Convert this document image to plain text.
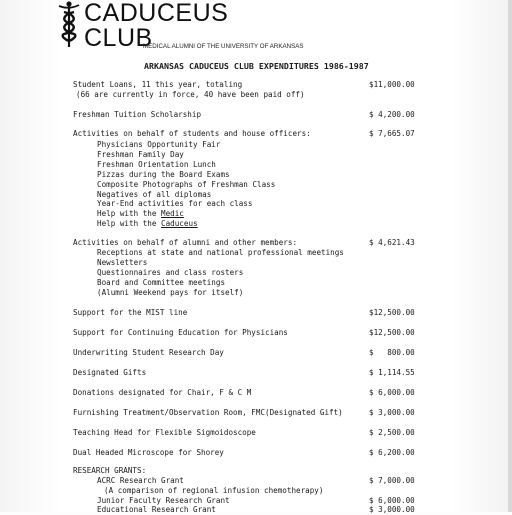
CADUCEUS
CLUB
MEDICAL ALUMNI OF THE UNIVERSITY OF ARKANSAS
ARKANSAS CADUCEUS CLUB EXPENDITURES 1986-1987
Student Loans, 11 this year, totaling	$11,000.00
(66 are currently in force, 40 have been paid off)
Freshman Tuition Scholarship	$ 4,200.00
Activities on behalf of students and house officers:	$ 7,665.07
Physicians Opportunity Fair
Freshman Family Day
Freshman Orientation Lunch
Pizzas during the Board Exams
Composite Photographs of Freshman Class
Negatives of all diplomas
Year-End activities for each class
Help with the Medic
Help with the Caduceus
Activities on behalf of alumni and other members:	$ 4,621.43
Receptions at state and national professional meetings
Newsletters
Questionnaires and class rosters
Board and Committee meetings
(Alumni Weekend pays for itself)
Support for the MIST line	$12,500.00
Support for Continuing Education for Physicians	$12,500.00
Underwriting Student Research Day	$   800.00
Designated Gifts	$ 1,114.55
Donations designated for Chair, F & C M	$ 6,000.00
Furnishing Treatment/Observation Room, FMC(Designated Gift)	$ 3,000.00
Teaching Head for Flexible Sigmoidoscope	$ 2,500.00
Dual Headed Microscope for Shorey	$ 6,200.00
RESEARCH GRANTS:
ACRC Research Grant	$ 7,000.00
(A comparison of regional infusion chemotherapy)
Junior Faculty Research Grant	$ 6,000.00
Educational Research Grant	$ 3,000.00
